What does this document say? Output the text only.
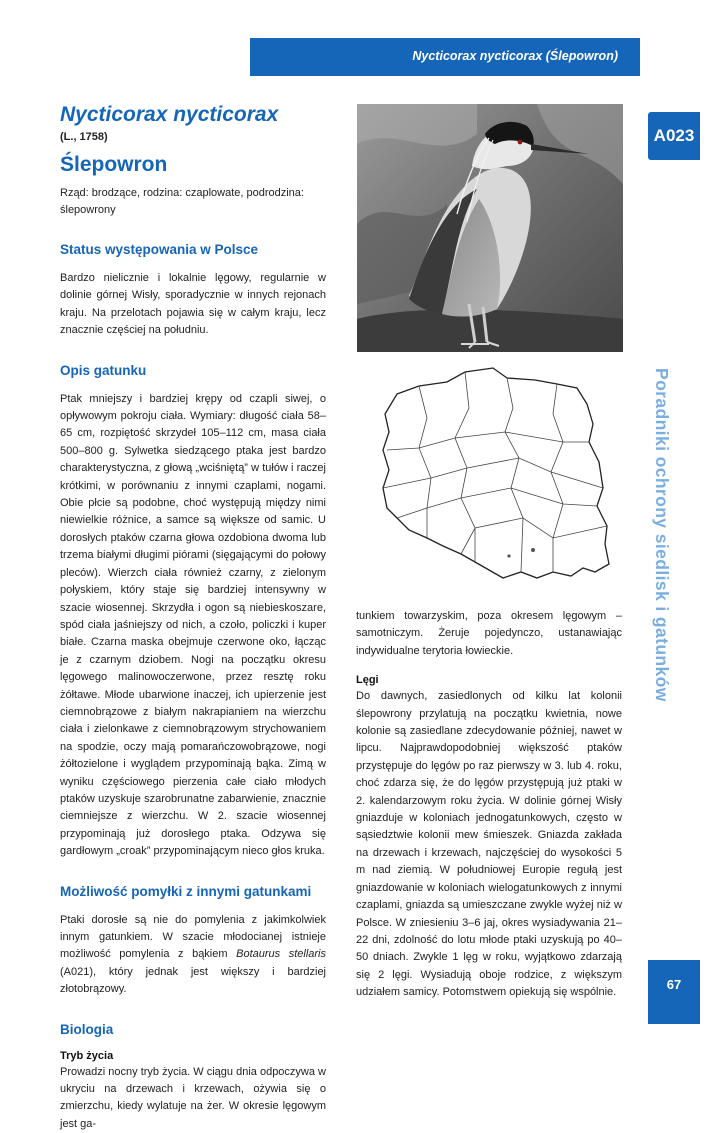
Nycticorax nycticorax (Ślepowron)
A023
Poradniki ochrony siedlisk i gatunków
67
Nycticorax nycticorax
(L., 1758)
Ślepowron

Rząd: brodzące, rodzina: czaplowate, podrodzina: ślepowrony

Status występowania w Polsce

Bardzo nielicznie i lokalnie lęgowy, regularnie w dolinie górnej Wisły, sporadycznie w innych rejonach kraju. Na przelotach pojawia się w całym kraju, lecz znacznie częściej na południu.

Opis gatunku

Ptak mniejszy i bardziej krępy od czapli siwej, o opływowym pokroju ciała. Wymiary: długość ciała 58–65 cm, rozpiętość skrzydeł 105–112 cm, masa ciała 500–800 g. Sylwetka siedzącego ptaka jest bardzo charakterystyczna, z głową „wciśniętą” w tułów i raczej krótkimi, w porównaniu z innymi czaplami, nogami. Obie płcie są podobne, choć występują między nimi niewielkie różnice, a samce są większe od samic. U dorosłych ptaków czarna głowa ozdobiona dwoma lub trzema białymi długimi piórami (sięgającymi do połowy pleców). Wierzch ciała również czarny, z zielonym połyskiem, który staje się bardziej intensywny w szacie wiosennej. Skrzydła i ogon są niebieskoszare, spód ciała jaśniejszy od nich, a czoło, policzki i kuper białe. Czarna maska obejmuje czerwone oko, łącząc je z czarnym dziobem. Nogi na początku okresu lęgowego malinowoczerwone, przez resztę roku żółtawe. Młode ubarwione inaczej, ich upierzenie jest ciemnobrązowe z białym nakrapianiem na wierzchu ciała i zielonkawe z ciemnobrązowym strychowaniem na spodzie, oczy mają pomarańczowobrązowe, nogi żółtozielone i wyglądem przypominają bąka. Zimą w wyniku częściowego pierzenia całe ciało młodych ptaków uzyskuje szarobrunatne zabarwienie, znacznie ciemniejsze z wierzchu. W 2. szacie wiosennej przypominają już dorosłego ptaka. Odzywa się gardłowym „croak” przypominającym nieco głos kruka.

Możliwość pomyłki z innymi gatunkami

Ptaki dorosłe są nie do pomylenia z jakimkolwiek innym gatunkiem. W szacie młodocianej istnieje możliwość pomylenia z bąkiem Botaurus stellaris (A021), który jednak jest większy i bardziej złotobrązowy.

Biologia
Tryb życia

Prowadzi nocny tryb życia. W ciągu dnia odpoczywa w ukryciu na drzewach i krzewach, ożywia się o zmierzchu, kiedy wylatuje na żer. W okresie lęgowym jest ga-

tunkiem towarzyskim, poza okresem lęgowym – samotniczym. Żeruje pojedynczo, ustanawiając indywidualne terytoria łowieckie.

Lęgi

Do dawnych, zasiedlonych od kilku lat kolonii ślepowrony przylatują na początku kwietnia, nowe kolonie są zasiedlane zdecydowanie później, nawet w lipcu. Najprawdopodobniej większość ptaków przystępuje do lęgów po raz pierwszy w 3. lub 4. roku, choć zdarza się, że do lęgów przystępują już ptaki w 2. kalendarzowym roku życia. W dolinie górnej Wisły gniazduje w koloniach jednogatunkowych, często w sąsiedztwie kolonii mew śmieszek. Gniazda zakłada na drzewach i krzewach, najczęściej do wysokości 5 m nad ziemią. W południowej Europie regułą jest gniazdowanie w koloniach wielogatunkowych z innymi czaplami, gniazda są umieszczane zwykle wyżej niż w Polsce. W zniesieniu 3–6 jaj, okres wysiadywania 21–22 dni, zdolność do lotu młode ptaki uzyskują po 40–50 dniach. Zwykle 1 lęg w roku, wyjątkowo zdarzają się 2 lęgi. Wysiadują oboje rodzice, z większym udziałem samicy. Potomstwem opiekują się wspólnie.
